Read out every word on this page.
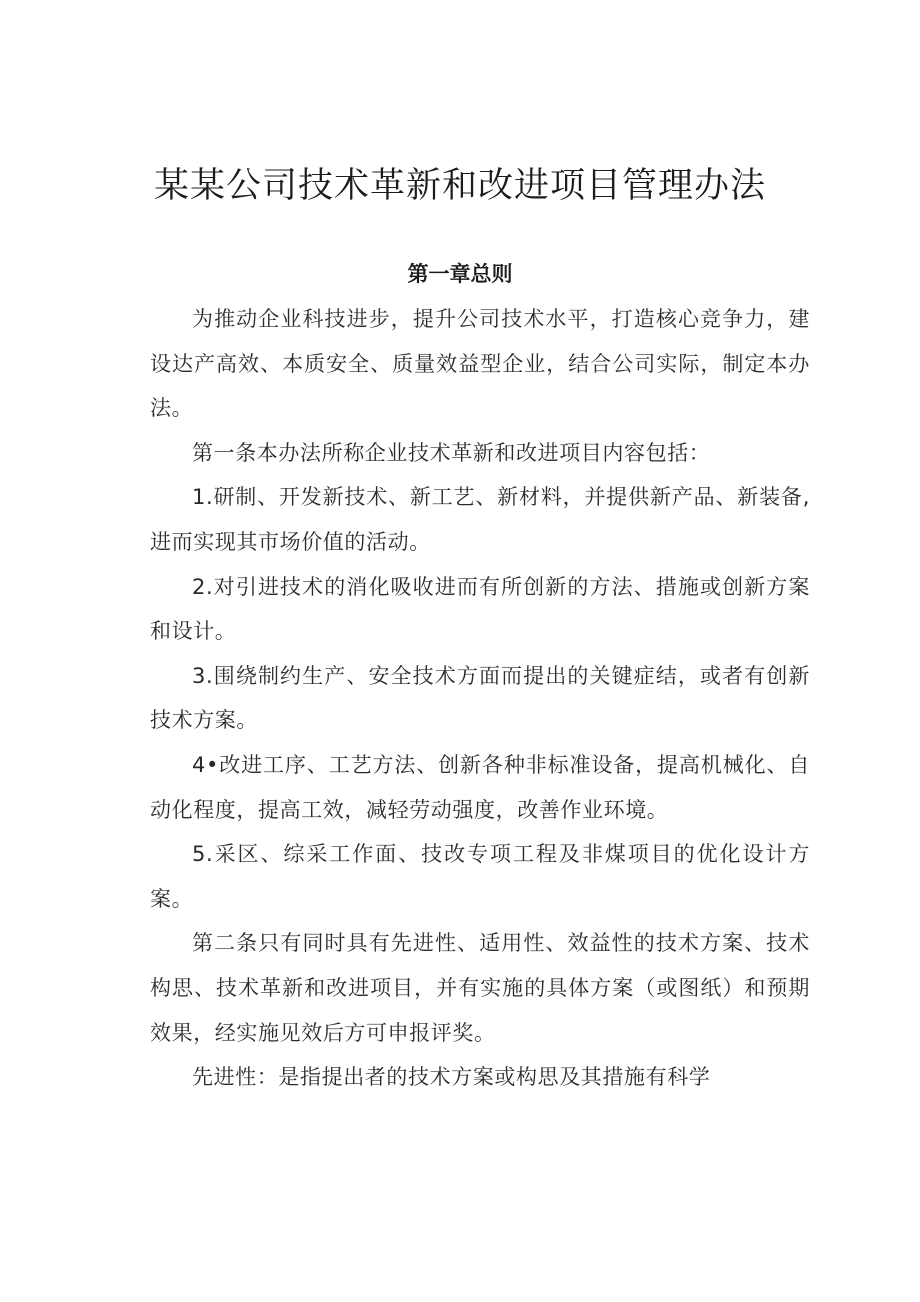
某某公司技术革新和改进项目管理办法
第一章总则

为推动企业科技进步，提升公司技术水平，打造核心竞争力，建设达产高效、本质安全、质量效益型企业，结合公司实际，制定本办法。

第一条本办法所称企业技术革新和改进项目内容包括：

1.研制、开发新技术、新工艺、新材料，并提供新产品、新装备,进而实现其市场价值的活动。

2.对引进技术的消化吸收进而有所创新的方法、措施或创新方案和设计。

3.围绕制约生产、安全技术方面而提出的关键症结，或者有创新技术方案。

4•改进工序、工艺方法、创新各种非标准设备，提高机械化、自动化程度，提高工效，减轻劳动强度，改善作业环境。

5.采区、综采工作面、技改专项工程及非煤项目的优化设计方案。

第二条只有同时具有先进性、适用性、效益性的技术方案、技术构思、技术革新和改进项目，并有实施的具体方案（或图纸）和预期效果，经实施见效后方可申报评奖。

先进性：是指提出者的技术方案或构思及其措施有科学
